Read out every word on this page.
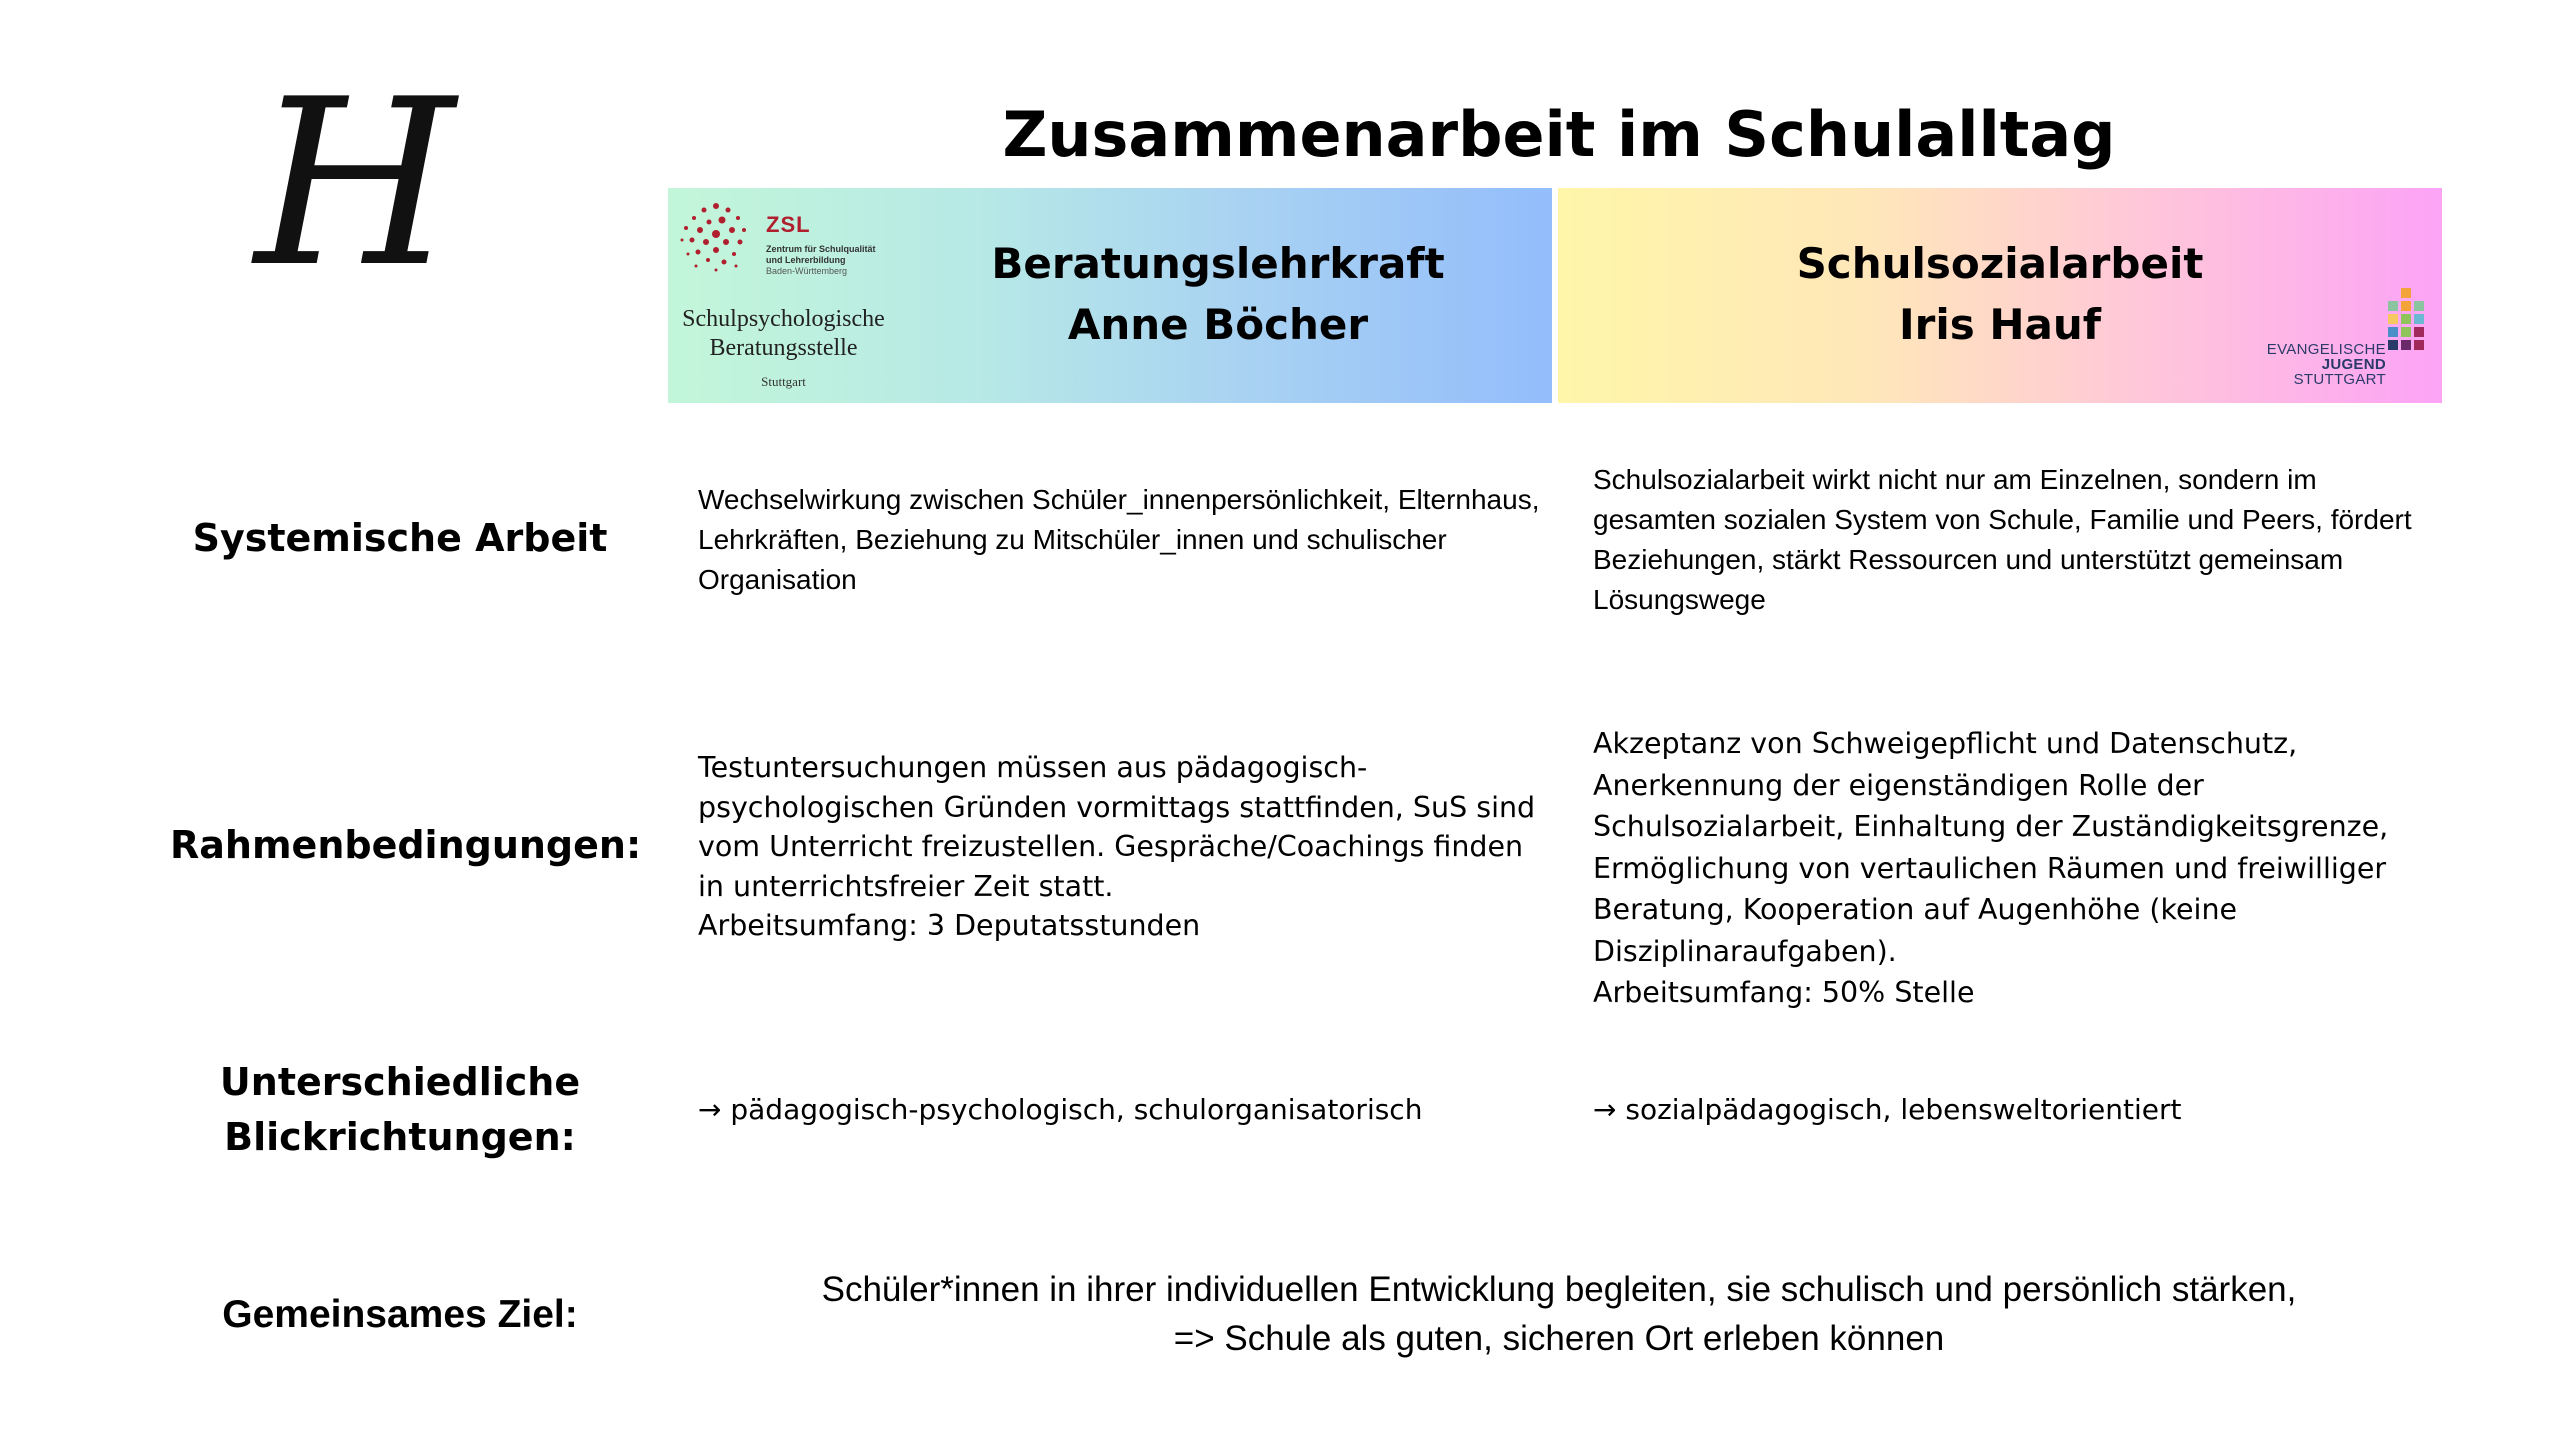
H	Zusammenarbeit im Schulalltag
ZSL
Zentrum für Schulqualität
und Lehrerbildung
Baden-Württemberg
Schulpsychologische
Beratungsstelle
Stuttgart
Beratungslehrkraft
Anne Böcher
Schulsozialarbeit
Iris Hauf
EVANGELISCHE
JUGEND
STUTTGART
Systemische Arbeit
Wechselwirkung zwischen Schüler_innenpersönlichkeit, Elternhaus, Lehrkräften, Beziehung zu Mitschüler_innen und schulischer Organisation
Schulsozialarbeit wirkt nicht nur am Einzelnen, sondern im gesamten sozialen System von Schule, Familie und Peers, fördert Beziehungen, stärkt Ressourcen und unterstützt gemeinsam Lösungswege
Rahmenbedingungen:
Testuntersuchungen müssen aus pädagogisch-psychologischen Gründen vormittags stattfinden, SuS sind vom Unterricht freizustellen. Gespräche/Coachings finden in unterrichtsfreier Zeit statt.
Arbeitsumfang: 3 Deputatsstunden
Akzeptanz von Schweigepflicht und Datenschutz, Anerkennung der eigenständigen Rolle der Schulsozialarbeit, Einhaltung der Zuständigkeitsgrenze, Ermöglichung von vertaulichen Räumen und freiwilliger Beratung, Kooperation auf Augenhöhe (keine Disziplinaraufgaben).
Arbeitsumfang: 50% Stelle
Unterschiedliche
Blickrichtungen:
→ pädagogisch-psychologisch, schulorganisatorisch	→ sozialpädagogisch, lebensweltorientiert
Gemeinsames Ziel:
Schüler*innen in ihrer individuellen Entwicklung begleiten, sie schulisch und persönlich stärken,
=> Schule als guten, sicheren Ort erleben können
